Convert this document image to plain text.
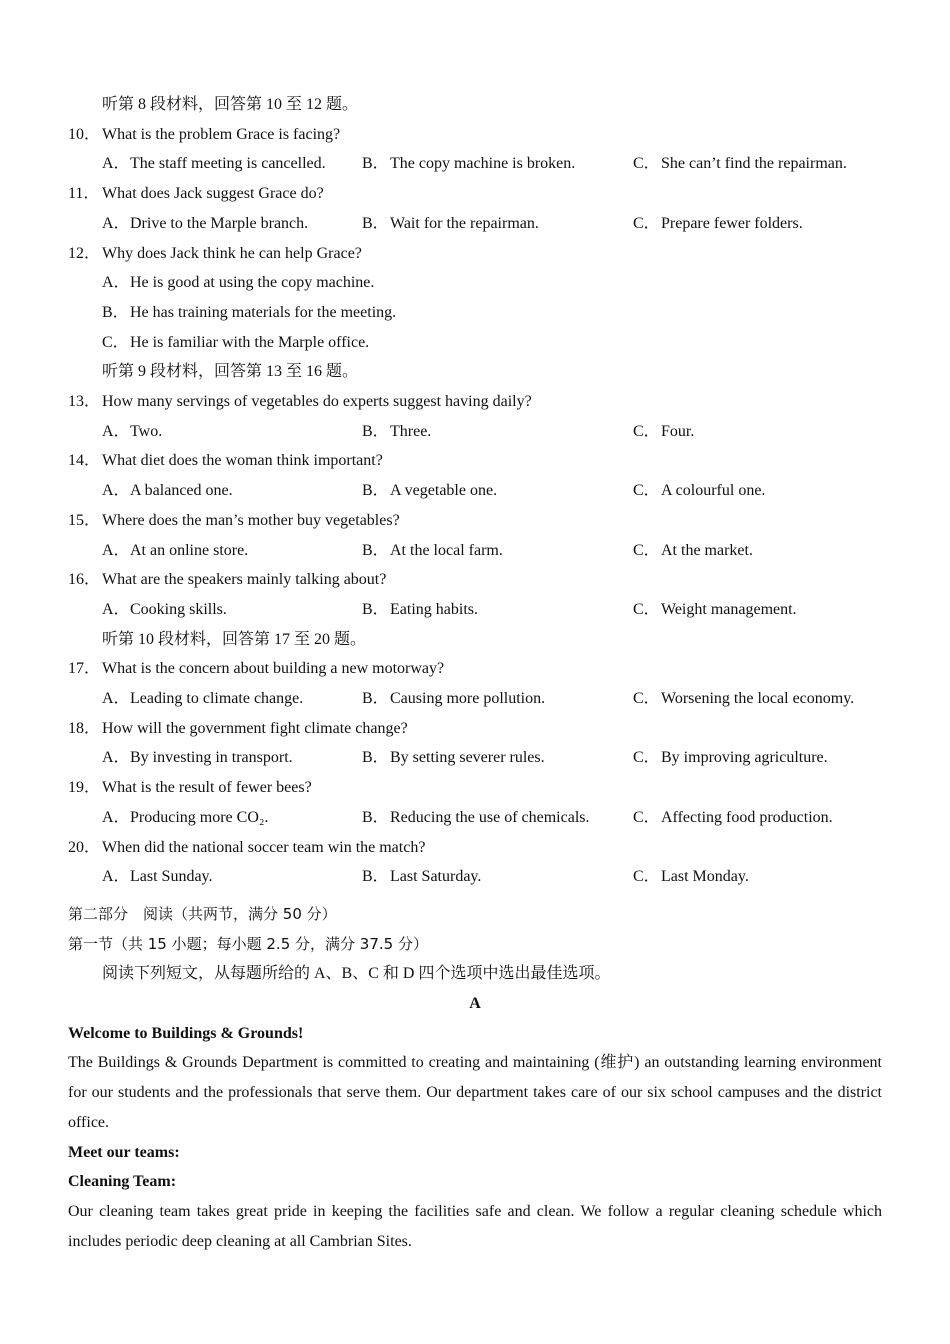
听第 8 段材料，回答第 10 至 12 题。
10． What is the problem Grace is facing?
A．The staff meeting is cancelled. B．The copy machine is broken.	C．She can’t find the repairman.
11． What does Jack suggest Grace do?
A．Drive to the Marple branch.	B．Wait for the repairman.	C．Prepare fewer folders.
12． Why does Jack think he can help Grace?
A．He is good at using the copy machine.
B．He has training materials for the meeting.
C．He is familiar with the Marple office.
听第 9 段材料，回答第 13 至 16 题。
13． How many servings of vegetables do experts suggest having daily?
A．Two.	B．Three.	C．Four.
14． What diet does the woman think important?
A．A balanced one.	B．A vegetable one.	C．A colourful one.
15． Where does the man’s mother buy vegetables?
A．At an online store.	B．At the local farm.	C．At the market.
16． What are the speakers mainly talking about?
A．Cooking skills.	B．Eating habits.	C．Weight management.
听第 10 段材料，回答第 17 至 20 题。
17． What is the concern about building a new motorway?
A．Leading to climate change.	B．Causing more pollution.	C．Worsening the local economy.
18． How will the government fight climate change?
A．By investing in transport.	B．By setting severer rules.	C．By improving agriculture.
19． What is the result of fewer bees?
A．Producing more CO₂.	B．Reducing the use of chemicals.	C．Affecting food production.
20． When did the national soccer team win the match?
A．Last Sunday.	B．Last Saturday.	C．Last Monday.
第二部分　阅读（共两节，满分 50 分）
第一节（共 15 小题；每小题 2.5 分，满分 37.5 分）
阅读下列短文，从每题所给的 A、B、C 和 D 四个选项中选出最佳选项。
A
Welcome to Buildings & Grounds!
The Buildings & Grounds Department is committed to creating and maintaining (维护) an outstanding learning environment for our students and the professionals that serve them. Our department takes care of our six school campuses and the district office.
Meet our teams:
Cleaning Team:
Our cleaning team takes great pride in keeping the facilities safe and clean. We follow a regular cleaning schedule which includes periodic deep cleaning at all Cambrian Sites.
